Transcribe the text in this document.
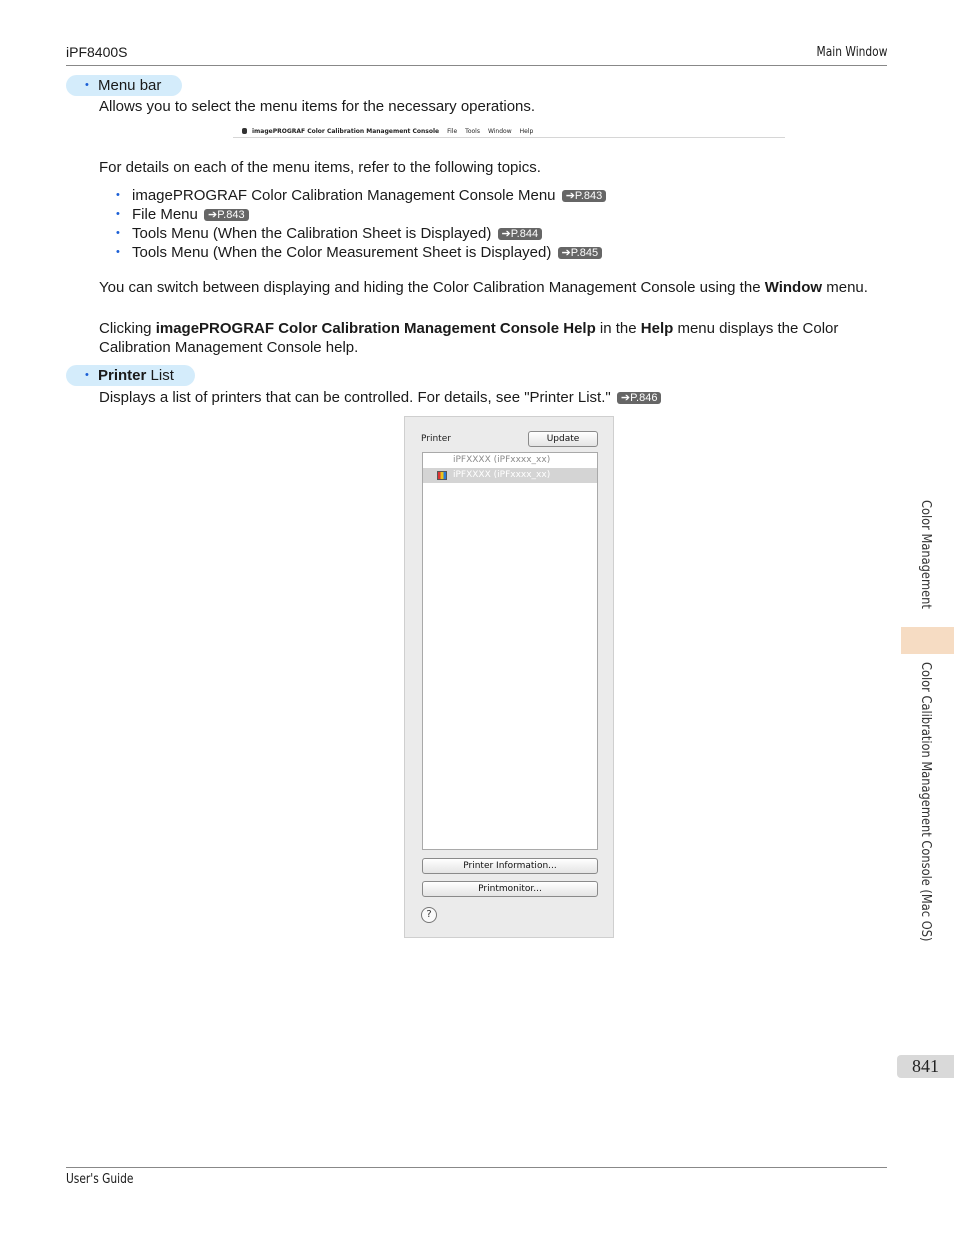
iPF8400S	Main Window
• Menu bar
Allows you to select the menu items for the necessary operations.
imagePROGRAF Color Calibration Management Console File Tools Window Help
For details on each of the menu items, refer to the following topics.
• imagePROGRAF Color Calibration Management Console Menu ➔P.843
• File Menu ➔P.843
• Tools Menu (When the Calibration Sheet is Displayed) ➔P.844
• Tools Menu (When the Color Measurement Sheet is Displayed) ➔P.845
You can switch between displaying and hiding the Color Calibration Management Console using the Window menu.
Clicking imagePROGRAF Color Calibration Management Console Help in the Help menu displays the Color Calibration Management Console help.
• Printer List
Displays a list of printers that can be controlled. For details, see "Printer List." ➔P.846
Printer	Update
iPFXXXX (iPFxxxx_xx)
iPFXXXX (iPFxxxx_xx)
Printer Information...
Printmonitor...
?
Color Management
Color Calibration Management Console (Mac OS)
841
User's Guide
